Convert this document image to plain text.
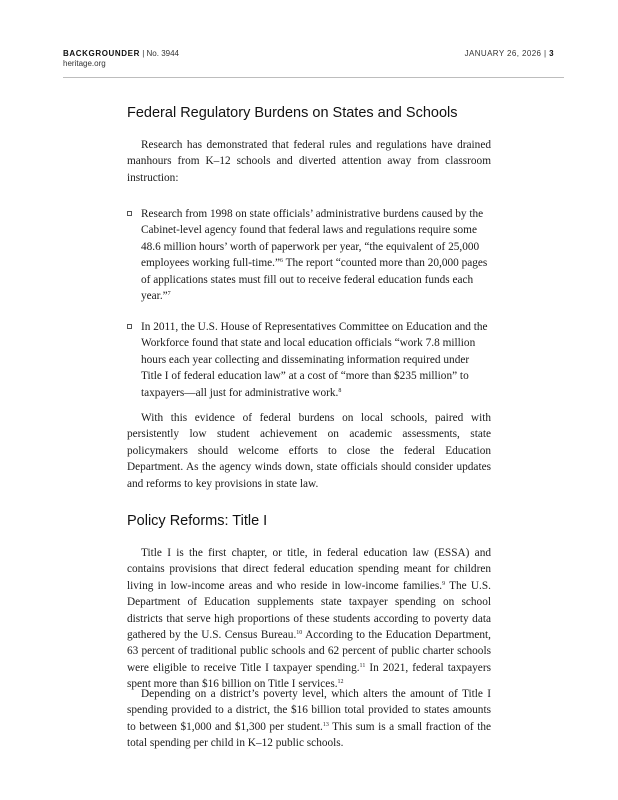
BACKGROUNDER | No. 3944
heritage.org
JANUARY 26, 2026 | 3
Federal Regulatory Burdens on States and Schools

Research has demonstrated that federal rules and regulations have drained manhours from K–12 schools and diverted attention away from classroom instruction:

Research from 1998 on state officials’ administrative burdens caused by the Cabinet-level agency found that federal laws and regulations require some 48.6 million hours’ worth of paperwork per year, “the equivalent of 25,000 employees working full-time.”$^6$ The report “counted more than 20,000 pages of applications states must fill out to receive federal education funds each year.”$^7$

In 2011, the U.S. House of Representatives Committee on Education and the Workforce found that state and local education officials “work 7.8 million hours each year collecting and disseminating information required under Title I of federal education law” at a cost of “more than $235 million” to taxpayers—all just for administrative work.$^8$

With this evidence of federal burdens on local schools, paired with persistently low student achievement on academic assessments, state policymakers should welcome efforts to close the federal Education Department. As the agency winds down, state officials should consider updates and reforms to key provisions in state law.

Policy Reforms: Title I

Title I is the first chapter, or title, in federal education law (ESSA) and contains provisions that direct federal education spending meant for children living in low-income areas and who reside in low-income families.$^9$ The U.S. Department of Education supplements state taxpayer spending on school districts that serve high proportions of these students according to poverty data gathered by the U.S. Census Bureau.$^{10}$ According to the Education Department, 63 percent of traditional public schools and 62 percent of public charter schools were eligible to receive Title I taxpayer spending.$^{11}$ In 2021, federal taxpayers spent more than $16 billion on Title I services.$^{12}$

Depending on a district’s poverty level, which alters the amount of Title I spending provided to a district, the $16 billion total provided to states amounts to between $1,000 and $1,300 per student.$^{13}$ This sum is a small fraction of the total spending per child in K–12 public schools.
